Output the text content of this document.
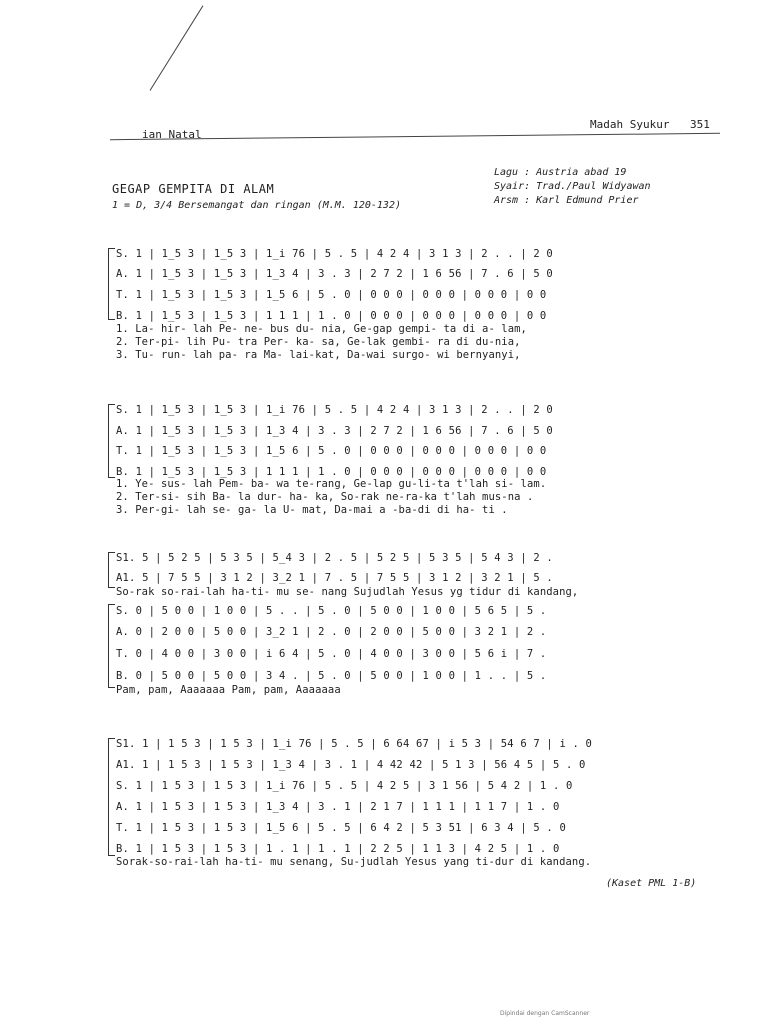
ian Natal
Madah Syukur 351
GEGAP GEMPITA DI ALAM
1 = D, 3/4 Bersemangat dan ringan (M.M. 120-132)
Lagu : Austria abad 19
Syair: Trad./Paul Widyawan
Arsm : Karl Edmund Prier
S. 1 | 1_5 3 | 1_5 3 | 1_i 76 | 5 . 5 | 4 2 4 | 3 1 3 | 2 . . | 2 0
A. 1 | 1_5 3 | 1_5 3 | 1_3 4 | 3 . 3 | 2 7 2 | 1 6 56 | 7 . 6 | 5 0
T. 1 | 1_5 3 | 1_5 3 | 1_5 6 | 5 . 0 | 0 0 0 | 0 0 0 | 0 0 0 | 0 0
B. 1 | 1_5 3 | 1_5 3 | 1 1 1 | 1 . 0 | 0 0 0 | 0 0 0 | 0 0 0 | 0 0
1. La- hir- lah Pe- ne- bus du- nia, Ge-gap gempi- ta di a- lam,
2. Ter-pi- lih Pu- tra Per- ka- sa, Ge-lak gembi- ra di du-nia,
3. Tu- run- lah pa- ra Ma- lai-kat, Da-wai surgo- wi bernyanyi,
S. 1 | 1_5 3 | 1_5 3 | 1_i 76 | 5 . 5 | 4 2 4 | 3 1 3 | 2 . . | 2 0
A. 1 | 1_5 3 | 1_5 3 | 1_3 4 | 3 . 3 | 2 7 2 | 1 6 56 | 7 . 6 | 5 0
T. 1 | 1_5 3 | 1_5 3 | 1_5 6 | 5 . 0 | 0 0 0 | 0 0 0 | 0 0 0 | 0 0
B. 1 | 1_5 3 | 1_5 3 | 1 1 1 | 1 . 0 | 0 0 0 | 0 0 0 | 0 0 0 | 0 0
1. Ye- sus- lah Pem- ba- wa te-rang, Ge-lap gu-li-ta t'lah si- lam.
2. Ter-si- sih Ba- la dur- ha- ka, So-rak ne-ra-ka t'lah mus-na .
3. Per-gi- lah se- ga- la U- mat, Da-mai a -ba-di di ha- ti .
S1. 5 | 5 2 5 | 5 3 5 | 5_4 3 | 2 . 5 | 5 2 5 | 5 3 5 | 5 4 3 | 2 .
A1. 5 | 7 5 5 | 3 1 2 | 3_2 1 | 7 . 5 | 7 5 5 | 3 1 2 | 3 2 1 | 5 .
So-rak so-rai-lah ha-ti- mu se- nang Sujudlah Yesus yg tidur di kandang,
S. 0 | 5 0 0 | 1 0 0 | 5 . . | 5 . 0 | 5 0 0 | 1 0 0 | 5 6 5 | 5 .
A. 0 | 2 0 0 | 5 0 0 | 3_2 1 | 2 . 0 | 2 0 0 | 5 0 0 | 3 2 1 | 2 .
T. 0 | 4 0 0 | 3 0 0 | i 6 4 | 5 . 0 | 4 0 0 | 3 0 0 | 5 6 i | 7 .
B. 0 | 5 0 0 | 5 0 0 | 3 4 . | 5 . 0 | 5 0 0 | 1 0 0 | 1 . . | 5 .
Pam, pam, Aaaaaaa Pam, pam, Aaaaaaa
S1. 1 | 1 5 3 | 1 5 3 | 1_i 76 | 5 . 5 | 6 64 67 | i 5 3 | 54 6 7 | i . 0
A1. 1 | 1 5 3 | 1 5 3 | 1_3 4 | 3 . 1 | 4 42 42 | 5 1 3 | 56 4 5 | 5 . 0
S. 1 | 1 5 3 | 1 5 3 | 1_i 76 | 5 . 5 | 4 2 5 | 3 1 56 | 5 4 2 | 1 . 0
A. 1 | 1 5 3 | 1 5 3 | 1_3 4 | 3 . 1 | 2 1 7 | 1 1 1 | 1 1 7 | 1 . 0
T. 1 | 1 5 3 | 1 5 3 | 1_5 6 | 5 . 5 | 6 4 2 | 5 3 51 | 6 3 4 | 5 . 0
B. 1 | 1 5 3 | 1 5 3 | 1 . 1 | 1 . 1 | 2 2 5 | 1 1 3 | 4 2 5 | 1 . 0
Sorak-so-rai-lah ha-ti- mu senang, Su-judlah Yesus yang ti-dur di kandang.
(Kaset PML 1-B)
Dipindai dengan CamScanner
